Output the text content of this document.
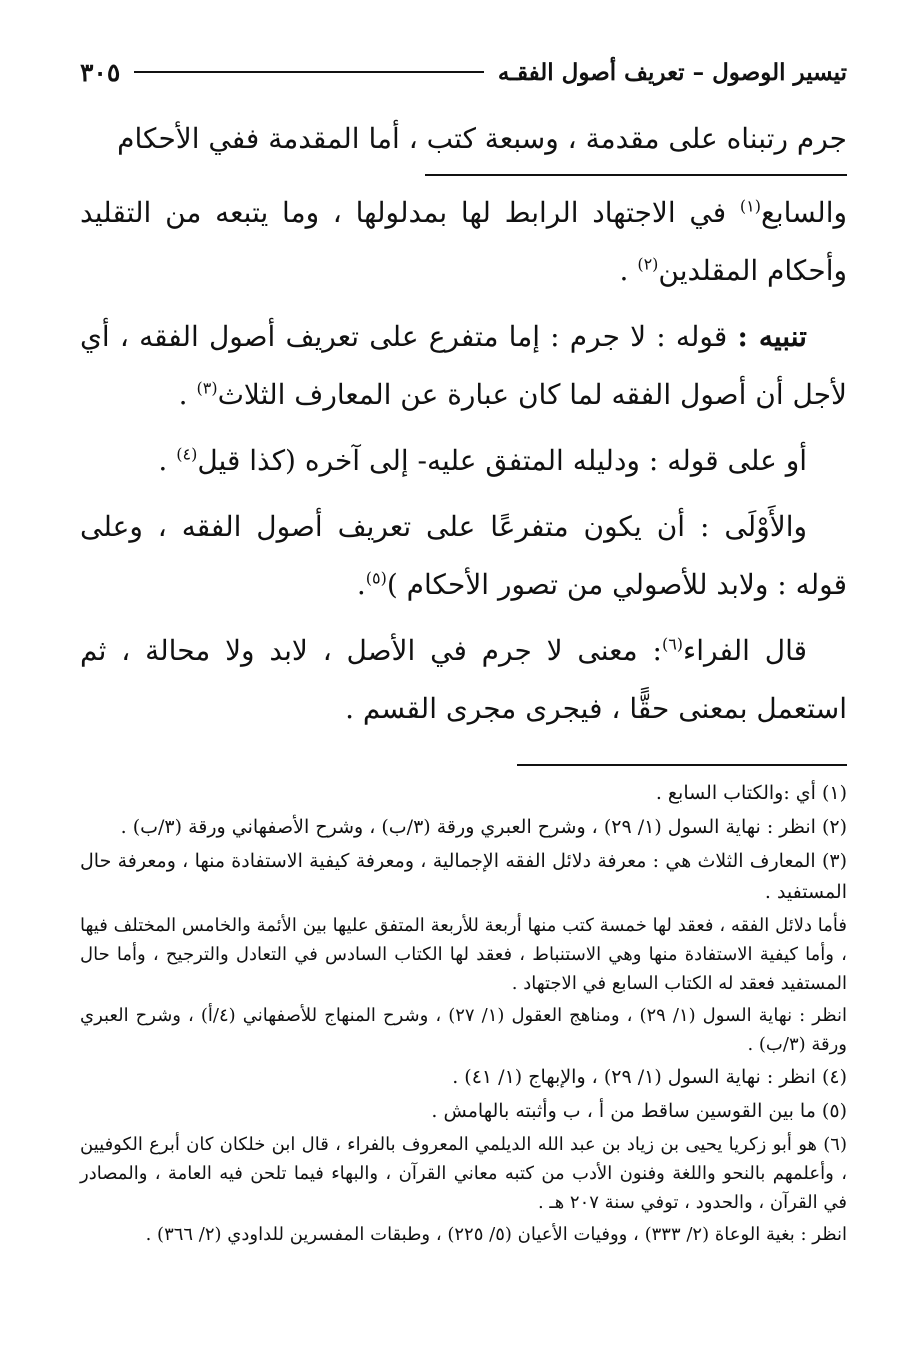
تيسير الوصول – تعريف أصول الفقـه
٣٠٥

جرم رتبناه على مقدمة ، وسبعة كتب ، أما المقدمة ففي الأحكام

والسابع$^{(١)}$ في الاجتهاد الرابط لها بمدلولها ، وما يتبعه من التقليد وأحكام المقلدين$^{(٢)}$ .

تنبيه : قوله : لا جرم : إما متفرع على تعريف أصول الفقه ، أي لأجل أن أصول الفقه لما كان عبارة عن المعارف الثلاث$^{(٣)}$ .

أو على قوله : ودليله المتفق عليه- إلى آخره (كذا قيل$^{(٤)}$ .

والأَوْلَى : أن يكون متفرعًا على تعريف أصول الفقه ، وعلى قوله : ولابد للأصولي من تصور الأحكام )$^{(٥)}$.

قال الفراء$^{(٦)}$: معنى لا جرم في الأصل ، لابد ولا محالة ، ثم استعمل بمعنى حقًّا ، فيجرى مجرى القسم .

(١) أي :والكتاب السابع .

(٢) انظر : نهاية السول (١/ ٢٩) ، وشرح العبري ورقة (٣/ب) ، وشرح الأصفهاني ورقة (٣/ب) .

(٣) المعارف الثلاث هي : معرفة دلائل الفقه الإجمالية ، ومعرفة كيفية الاستفادة منها ، ومعرفة حال المستفيد .

فأما دلائل الفقه ، فعقد لها خمسة كتب منها أربعة للأربعة المتفق عليها بين الأئمة والخامس المختلف فيها ، وأما كيفية الاستفادة منها وهي الاستنباط ، فعقد لها الكتاب السادس في التعادل والترجيح ، وأما حال المستفيد فعقد له الكتاب السابع في الاجتهاد .

انظر : نهاية السول (١/ ٢٩) ، ومناهج العقول (١/ ٢٧) ، وشرح المنهاج للأصفهاني (٤/أ) ، وشرح العبري ورقة (٣/ب) .

(٤) انظر : نهاية السول (١/ ٢٩) ، والإبهاج (١/ ٤١) .

(٥) ما بين القوسين ساقط من أ ، ب وأثبته بالهامش .

(٦) هو أبو زكريا يحيى بن زياد بن عبد الله الديلمي المعروف بالفراء ، قال ابن خلكان كان أبرع الكوفيين ، وأعلمهم بالنحو واللغة وفنون الأدب من كتبه معاني القرآن ، والبهاء فيما تلحن فيه العامة ، والمصادر في القرآن ، والحدود ، توفي سنة ٢٠٧ هـ .

انظر : بغية الوعاة (٢/ ٣٣٣) ، ووفيات الأعيان (٥/ ٢٢٥) ، وطبقات المفسرين للداودي (٢/ ٣٦٦) .
